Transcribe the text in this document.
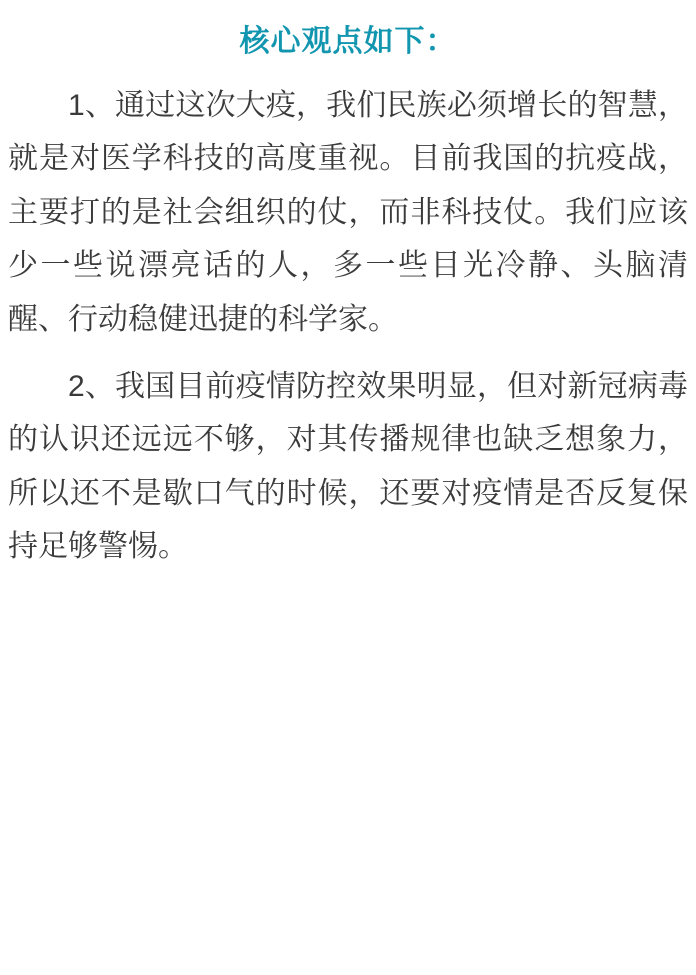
核心观点如下：

1、通过这次大疫，我们民族必须增长的智慧，就是对医学科技的高度重视。目前我国的抗疫战，主要打的是社会组织的仗，而非科技仗。我们应该少一些说漂亮话的人，多一些目光冷静、头脑清醒、行动稳健迅捷的科学家。

2、我国目前疫情防控效果明显，但对新冠病毒的认识还远远不够，对其传播规律也缺乏想象力，所以还不是歇口气的时候，还要对疫情是否反复保持足够警惕。
